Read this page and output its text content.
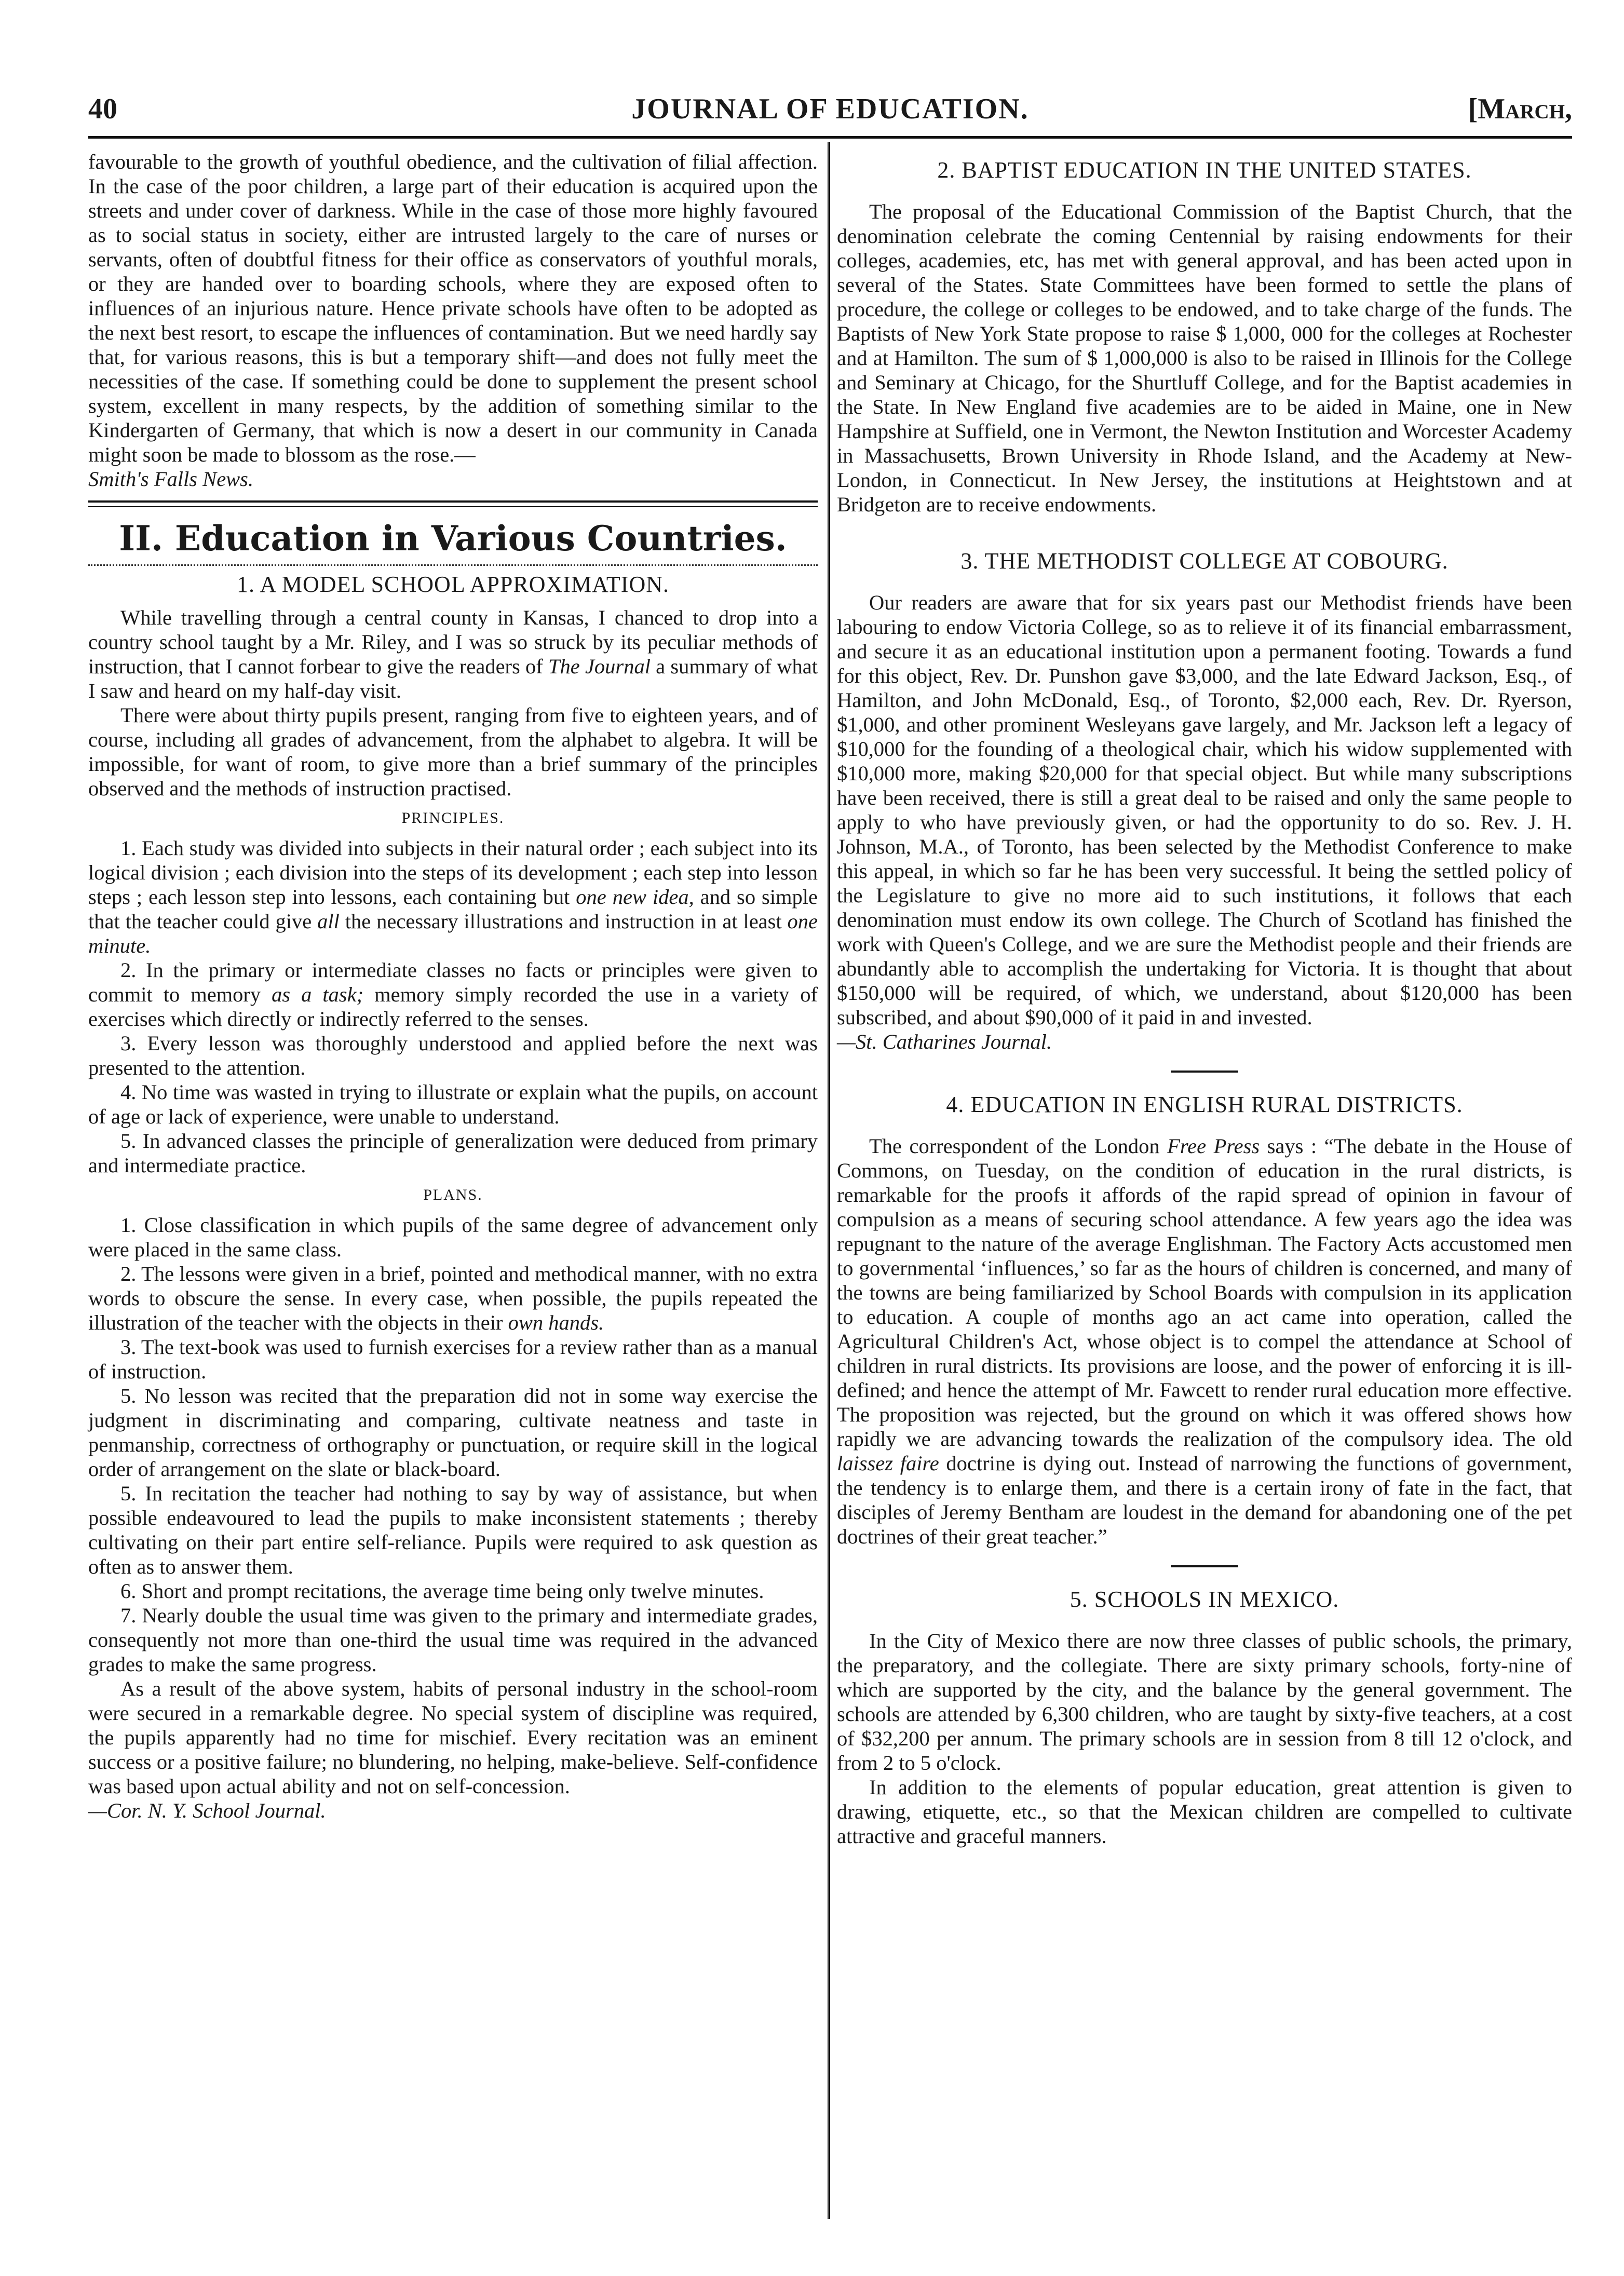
40	JOURNAL OF EDUCATION.	[March,

favourable to the growth of youthful obedience, and the cultivation of filial affection. In the case of the poor children, a large part of their education is acquired upon the streets and under cover of darkness. While in the case of those more highly favoured as to social status in society, either are intrusted largely to the care of nurses or servants, often of doubtful fitness for their office as conservators of youthful morals, or they are handed over to boarding schools, where they are exposed often to influences of an injurious nature. Hence private schools have often to be adopted as the next best resort, to escape the influences of contamination. But we need hardly say that, for various reasons, this is but a temporary shift—and does not fully meet the necessities of the case. If something could be done to supplement the present school system, excellent in many respects, by the addition of something similar to the Kindergarten of Germany, that which is now a desert in our community in Canada might soon be made to blossom as the rose.—
Smith's Falls News.

II. Education in Various Countries.
1. A MODEL SCHOOL APPROXIMATION.

While travelling through a central county in Kansas, I chanced to drop into a country school taught by a Mr. Riley, and I was so struck by its peculiar methods of instruction, that I cannot forbear to give the readers of The Journal a summary of what I saw and heard on my half-day visit.

There were about thirty pupils present, ranging from five to eighteen years, and of course, including all grades of advancement, from the alphabet to algebra. It will be impossible, for want of room, to give more than a brief summary of the principles observed and the methods of instruction practised.

PRINCIPLES.

1. Each study was divided into subjects in their natural order ; each subject into its logical division ; each division into the steps of its development ; each step into lesson steps ; each lesson step into lessons, each containing but one new idea, and so simple that the teacher could give all the necessary illustrations and instruction in at least one minute.

2. In the primary or intermediate classes no facts or principles were given to commit to memory as a task; memory simply recorded the use in a variety of exercises which directly or indirectly referred to the senses.

3. Every lesson was thoroughly understood and applied before the next was presented to the attention.

4. No time was wasted in trying to illustrate or explain what the pupils, on account of age or lack of experience, were unable to understand.

5. In advanced classes the principle of generalization were deduced from primary and intermediate practice.

PLANS.

1. Close classification in which pupils of the same degree of advancement only were placed in the same class.

2. The lessons were given in a brief, pointed and methodical manner, with no extra words to obscure the sense. In every case, when possible, the pupils repeated the illustration of the teacher with the objects in their own hands.

3. The text-book was used to furnish exercises for a review rather than as a manual of instruction.

5. No lesson was recited that the preparation did not in some way exercise the judgment in discriminating and comparing, cultivate neatness and taste in penmanship, correctness of orthography or punctuation, or require skill in the logical order of arrangement on the slate or black-board.

5. In recitation the teacher had nothing to say by way of assistance, but when possible endeavoured to lead the pupils to make inconsistent statements ; thereby cultivating on their part entire self-reliance. Pupils were required to ask question as often as to answer them.

6. Short and prompt recitations, the average time being only twelve minutes.

7. Nearly double the usual time was given to the primary and intermediate grades, consequently not more than one-third the usual time was required in the advanced grades to make the same progress.

As a result of the above system, habits of personal industry in the school-room were secured in a remarkable degree. No special system of discipline was required, the pupils apparently had no time for mischief. Every recitation was an eminent success or a positive failure; no blundering, no helping, make-believe. Self-confidence was based upon actual ability and not on self-concession.

—Cor. N. Y. School Journal.

2. BAPTIST EDUCATION IN THE UNITED STATES.

The proposal of the Educational Commission of the Baptist Church, that the denomination celebrate the coming Centennial by raising endowments for their colleges, academies, etc, has met with general approval, and has been acted upon in several of the States. State Committees have been formed to settle the plans of procedure, the college or colleges to be endowed, and to take charge of the funds. The Baptists of New York State propose to raise $ 1,000, 000 for the colleges at Rochester and at Hamilton. The sum of $ 1,000,000 is also to be raised in Illinois for the College and Seminary at Chicago, for the Shurtluff College, and for the Baptist academies in the State. In New England five academies are to be aided in Maine, one in New Hampshire at Suffield, one in Vermont, the Newton Institution and Worcester Academy in Massachusetts, Brown University in Rhode Island, and the Academy at New-London, in Connecticut. In New Jersey, the institutions at Heightstown and at Bridgeton are to receive endowments.

3. THE METHODIST COLLEGE AT COBOURG.

Our readers are aware that for six years past our Methodist friends have been labouring to endow Victoria College, so as to relieve it of its financial embarrassment, and secure it as an educational institution upon a permanent footing. Towards a fund for this object, Rev. Dr. Punshon gave $3,000, and the late Edward Jackson, Esq., of Hamilton, and John McDonald, Esq., of Toronto, $2,000 each, Rev. Dr. Ryerson, $1,000, and other prominent Wesleyans gave largely, and Mr. Jackson left a legacy of $10,000 for the founding of a theological chair, which his widow supplemented with $10,000 more, making $20,000 for that special object. But while many subscriptions have been received, there is still a great deal to be raised and only the same people to apply to who have previously given, or had the opportunity to do so. Rev. J. H. Johnson, M.A., of Toronto, has been selected by the Methodist Conference to make this appeal, in which so far he has been very successful. It being the settled policy of the Legislature to give no more aid to such institutions, it follows that each denomination must endow its own college. The Church of Scotland has finished the work with Queen's College, and we are sure the Methodist people and their friends are abundantly able to accomplish the undertaking for Victoria. It is thought that about $150,000 will be required, of which, we understand, about $120,000 has been subscribed, and about $90,000 of it paid in and invested.

—St. Catharines Journal.

4. EDUCATION IN ENGLISH RURAL DISTRICTS.

The correspondent of the London Free Press says : “The debate in the House of Commons, on Tuesday, on the condition of education in the rural districts, is remarkable for the proofs it affords of the rapid spread of opinion in favour of compulsion as a means of securing school attendance. A few years ago the idea was repugnant to the nature of the average Englishman. The Factory Acts accustomed men to governmental ‘influences,’ so far as the hours of children is concerned, and many of the towns are being familiarized by School Boards with compulsion in its application to education. A couple of months ago an act came into operation, called the Agricultural Children's Act, whose object is to compel the attendance at School of children in rural districts. Its provisions are loose, and the power of enforcing it is ill-defined; and hence the attempt of Mr. Fawcett to render rural education more effective. The proposition was rejected, but the ground on which it was offered shows how rapidly we are advancing towards the realization of the compulsory idea. The old laissez faire doctrine is dying out. Instead of narrowing the functions of government, the tendency is to enlarge them, and there is a certain irony of fate in the fact, that disciples of Jeremy Bentham are loudest in the demand for abandoning one of the pet doctrines of their great teacher.”

5. SCHOOLS IN MEXICO.

In the City of Mexico there are now three classes of public schools, the primary, the preparatory, and the collegiate. There are sixty primary schools, forty-nine of which are supported by the city, and the balance by the general government. The schools are attended by 6,300 children, who are taught by sixty-five teachers, at a cost of $32,200 per annum. The primary schools are in session from 8 till 12 o'clock, and from 2 to 5 o'clock.

In addition to the elements of popular education, great attention is given to drawing, etiquette, etc., so that the Mexican children are compelled to cultivate attractive and graceful manners.
